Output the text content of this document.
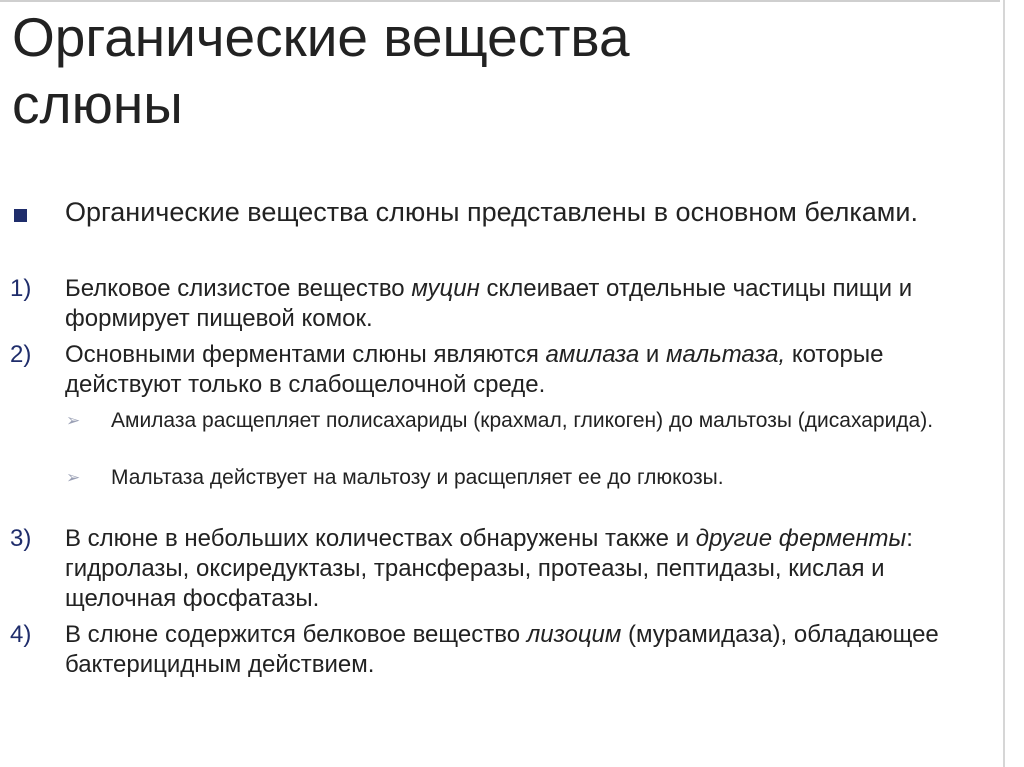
Органические вещества
слюны

Органические вещества слюны представлены в основном белками.

1) Белковое слизистое вещество муцин склеивает отдельные частицы пищи и формирует пищевой комок.

2) Основными ферментами слюны являются амилаза и мальтаза, которые действуют только в слабощелочной среде.

➢ Амилаза расщепляет полисахариды (крахмал, гликоген) до мальтозы (дисахарида).

➢ Мальтаза действует на мальтозу и расщепляет ее до глюкозы.

3) В слюне в небольших количествах обнаружены также и другие ферменты: гидролазы, оксиредуктазы, трансферазы, протеазы, пептидазы, кислая и щелочная фосфатазы.

4) В слюне содержится белковое вещество лизоцим (мурамидаза), обладающее бактерицидным действием.
